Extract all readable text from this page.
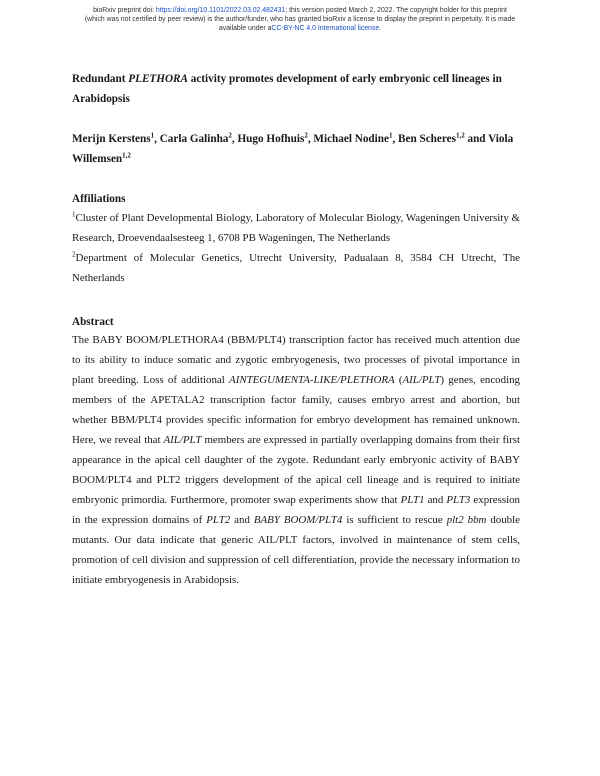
bioRxiv preprint doi: https://doi.org/10.1101/2022.03.02.482431; this version posted March 2, 2022. The copyright holder for this preprint
(which was not certified by peer review) is the author/funder, who has granted bioRxiv a license to display the preprint in perpetuity. It is made
available under aCC-BY-NC 4.0 International license.
Redundant PLETHORA activity promotes development of early embryonic cell lineages in Arabidopsis
Merijn Kerstens$^1$, Carla Galinha$^2$, Hugo Hofhuis$^2$, Michael Nodine$^1$, Ben Scheres$^{1,2}$ and Viola Willemsen$^{1,2}$
Affiliations
$^1$Cluster of Plant Developmental Biology, Laboratory of Molecular Biology, Wageningen University & Research, Droevendaalsesteeg 1, 6708 PB Wageningen, The Netherlands
$^2$Department of Molecular Genetics, Utrecht University, Padualaan 8, 3584 CH Utrecht, The Netherlands
Abstract
The BABY BOOM/PLETHORA4 (BBM/PLT4) transcription factor has received much attention due to its ability to induce somatic and zygotic embryogenesis, two processes of pivotal importance in plant breeding. Loss of additional AINTEGUMENTA-LIKE/PLETHORA (AIL/PLT) genes, encoding members of the APETALA2 transcription factor family, causes embryo arrest and abortion, but whether BBM/PLT4 provides specific information for embryo development has remained unknown. Here, we reveal that AIL/PLT members are expressed in partially overlapping domains from their first appearance in the apical cell daughter of the zygote. Redundant early embryonic activity of BABY BOOM/PLT4 and PLT2 triggers development of the apical cell lineage and is required to initiate embryonic primordia. Furthermore, promoter swap experiments show that PLT1 and PLT3 expression in the expression domains of PLT2 and BABY BOOM/PLT4 is sufficient to rescue plt2 bbm double mutants. Our data indicate that generic AIL/PLT factors, involved in maintenance of stem cells, promotion of cell division and suppression of cell differentiation, provide the necessary information to initiate embryogenesis in Arabidopsis.
